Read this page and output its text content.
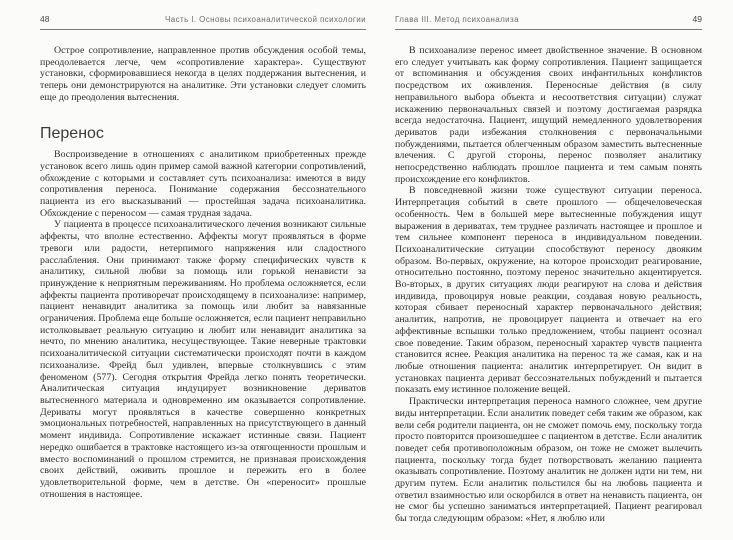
48	Часть I. Основы психоаналитической психологии

Острое сопротивление, направленное против обсуждения особой темы, преодолевается легче, чем «сопротивление характера». Существуют установки, сформировавшиеся некогда в целях поддержания вытеснения, и теперь они демонстрируются на аналитике. Эти установки следует сломить еще до преодоления вытеснения.

Перенос

Воспроизведение в отношениях с аналитиком приобретенных прежде установок всего лишь один пример самой важной категории сопротивлений, обхождение с которыми и составляет суть психоанализа: имеются в виду сопротивления переноса. Понимание содержания бессознательного пациента из его высказываний — простейшая задача психоаналитика. Обхождение с переносом — самая трудная задача.

У пациента в процессе психоаналитического лечения возникают сильные аффекты, что вполне естественно. Аффекты могут проявляться в форме тревоги или радости, нетерпимого напряжения или сладостного расслабления. Они принимают также форму специфических чувств к аналитику, сильной любви за помощь или горькой ненависти за принуждение к неприятным переживаниям. Но проблема осложняется, если аффекты пациента противоречат происходящему в психоанализе: например, пациент ненавидит аналитика за помощь или любит за навязанные ограничения. Проблема еще больше осложняется, если пациент неправильно истолковывает реальную ситуацию и любит или ненавидит аналитика за нечто, по мнению аналитика, несуществующее. Такие неверные трактовки психоаналитической ситуации систематически происходят почти в каждом психоанализе. Фрейд был удивлен, впервые столкнувшись с этим феноменом (577). Сегодня открытия Фрейда легко понять теоретически. Аналитическая ситуация индуцирует возникновение дериватов вытесненного материала и одновременно им оказывается сопротивление. Дериваты могут проявляться в качестве совершенно конкретных эмоциональных потребностей, направленных на присутствующего в данный момент индивида. Сопротивление искажает истинные связи. Пациент нередко ошибается в трактовке настоящего из-за отягощенности прошлым и вместо воспоминаний о прошлом стремится, не признавая происхождения своих действий, оживить прошлое и пережить его в более удовлетворительной форме, чем в детстве. Он «переносит» прошлые отношения в настоящее.

Глава III. Метод психоанализа	49

В психоанализе перенос имеет двойственное значение. В основном его следует учитывать как форму сопротивления. Пациент защищается от вспоминания и обсуждения своих инфантильных конфликтов посредством их оживления. Переносные действия (в силу неправильного выбора объекта и несоответствия ситуации) служат искажению первоначальных связей и поэтому достигаемая разрядка всегда недостаточна. Пациент, ищущий немедленного удовлетворения дериватов ради избежания столкновения с первоначальными побуждениями, пытается облегченным образом заместить вытесненные влечения. С другой стороны, перенос позволяет аналитику непосредственно наблюдать прошлое пациента и тем самым понять происхождение его конфликтов.

В повседневной жизни тоже существуют ситуации переноса. Интерпретация событий в свете прошлого — общечеловеческая особенность. Чем в большей мере вытесненные побуждения ищут выражения в дериватах, тем труднее различать настоящее и прошлое и тем сильнее компонент переноса в индивидуальном поведении. Психоаналитические ситуации способствуют переносу двояким образом. Во-первых, окружение, на которое происходит реагирование, относительно постоянно, поэтому перенос значительно акцентируется. Во-вторых, в других ситуациях люди реагируют на слова и действия индивида, провоцируя новые реакции, создавая новую реальность, которая сбивает переносный характер первоначального действия; аналитик, напротив, не провоцирует пациента и отвечает на его аффективные вспышки только предложением, чтобы пациент осознал свое поведение. Таким образом, переносный характер чувств пациента становится яснее. Реакция аналитика на перенос та же самая, как и на любые отношения пациента: аналитик интерпретирует. Он видит в установках пациента дериват бессознательных побуждений и пытается показать ему истинное положение вещей.

Практически интерпретация переноса намного сложнее, чем другие виды интерпретации. Если аналитик поведет себя таким же образом, как вели себя родители пациента, он не сможет помочь ему, поскольку тогда просто повторится произошедшее с пациентом в детстве. Если аналитик поведет себя противоположным образом, он тоже не сможет вылечить пациента, поскольку тогда будет потворствовать желанию пациента оказывать сопротивление. Поэтому аналитик не должен идти ни тем, ни другим путем. Если аналитик польстился бы на любовь пациента и ответил взаимностью или оскорбился в ответ на ненависть пациента, он не смог бы успешно заниматься интерпретацией. Пациент реагировал бы тогда следующим образом: «Нет, я люблю или
